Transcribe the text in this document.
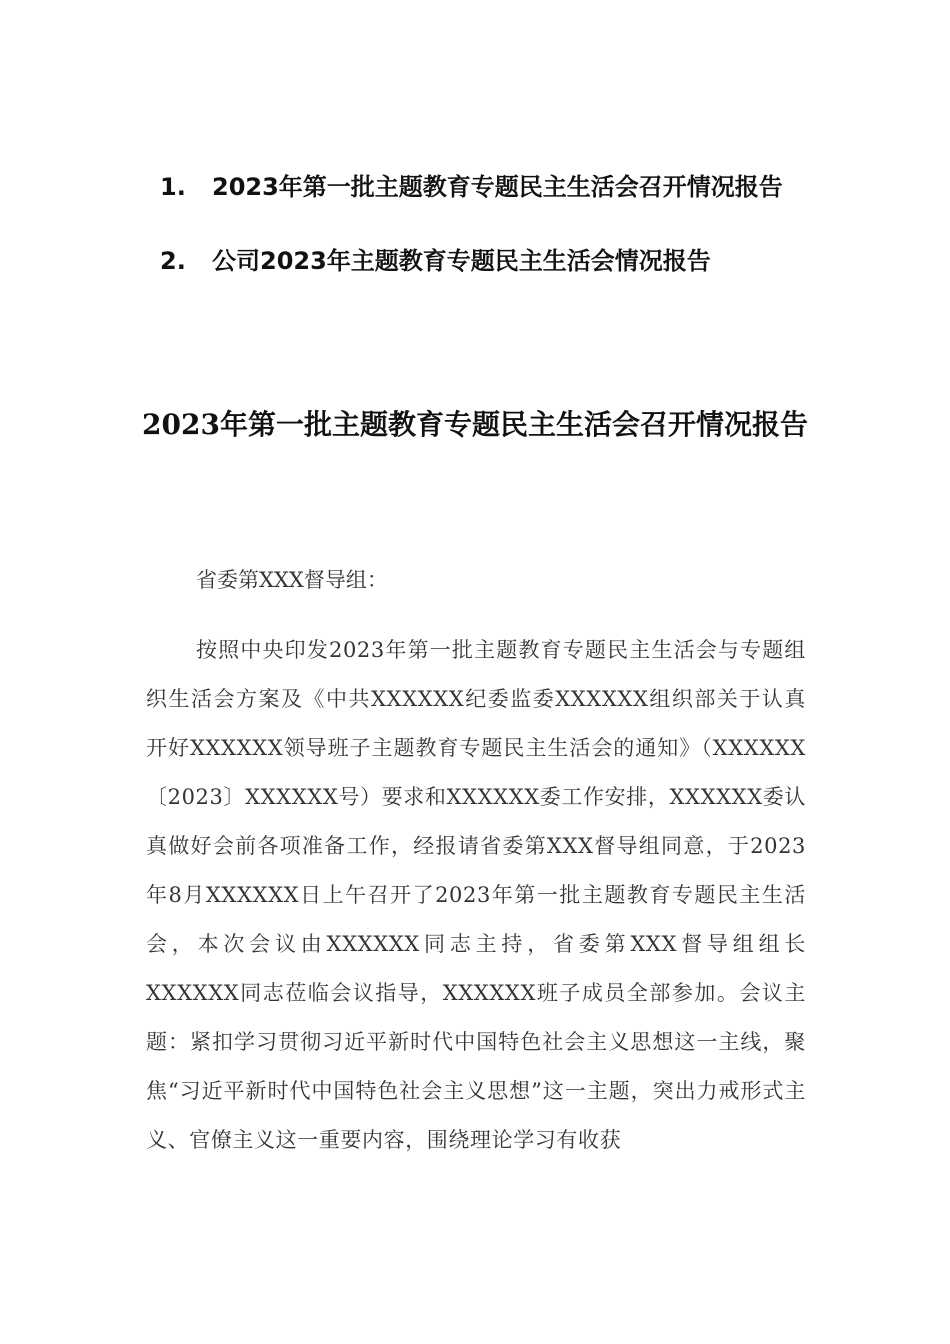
1. 2023年第一批主题教育专题民主生活会召开情况报告
2. 公司2023年主题教育专题民主生活会情况报告
2023年第一批主题教育专题民主生活会召开情况报告
省委第XXX督导组：
按照中央印发2023年第一批主题教育专题民主生活会与专题组织生活会方案及《中共XXXXXX纪委监委XXXXXX组织部关于认真开好XXXXXX领导班子主题教育专题民主生活会的通知》（XXXXXX〔2023〕XXXXXX号）要求和XXXXXX委工作安排，XXXXXX委认真做好会前各项准备工作，经报请省委第XXX督导组同意，于2023年8月XXXXXX日上午召开了2023年第一批主题教育专题民主生活会，本次会议由XXXXXX同志主持，省委第XXX督导组组长XXXXXX同志莅临会议指导，XXXXXX班子成员全部参加。会议主题：紧扣学习贯彻习近平新时代中国特色社会主义思想这一主线，聚焦“习近平新时代中国特色社会主义思想”这一主题，突出力戒形式主义、官僚主义这一重要内容，围绕理论学习有收获
